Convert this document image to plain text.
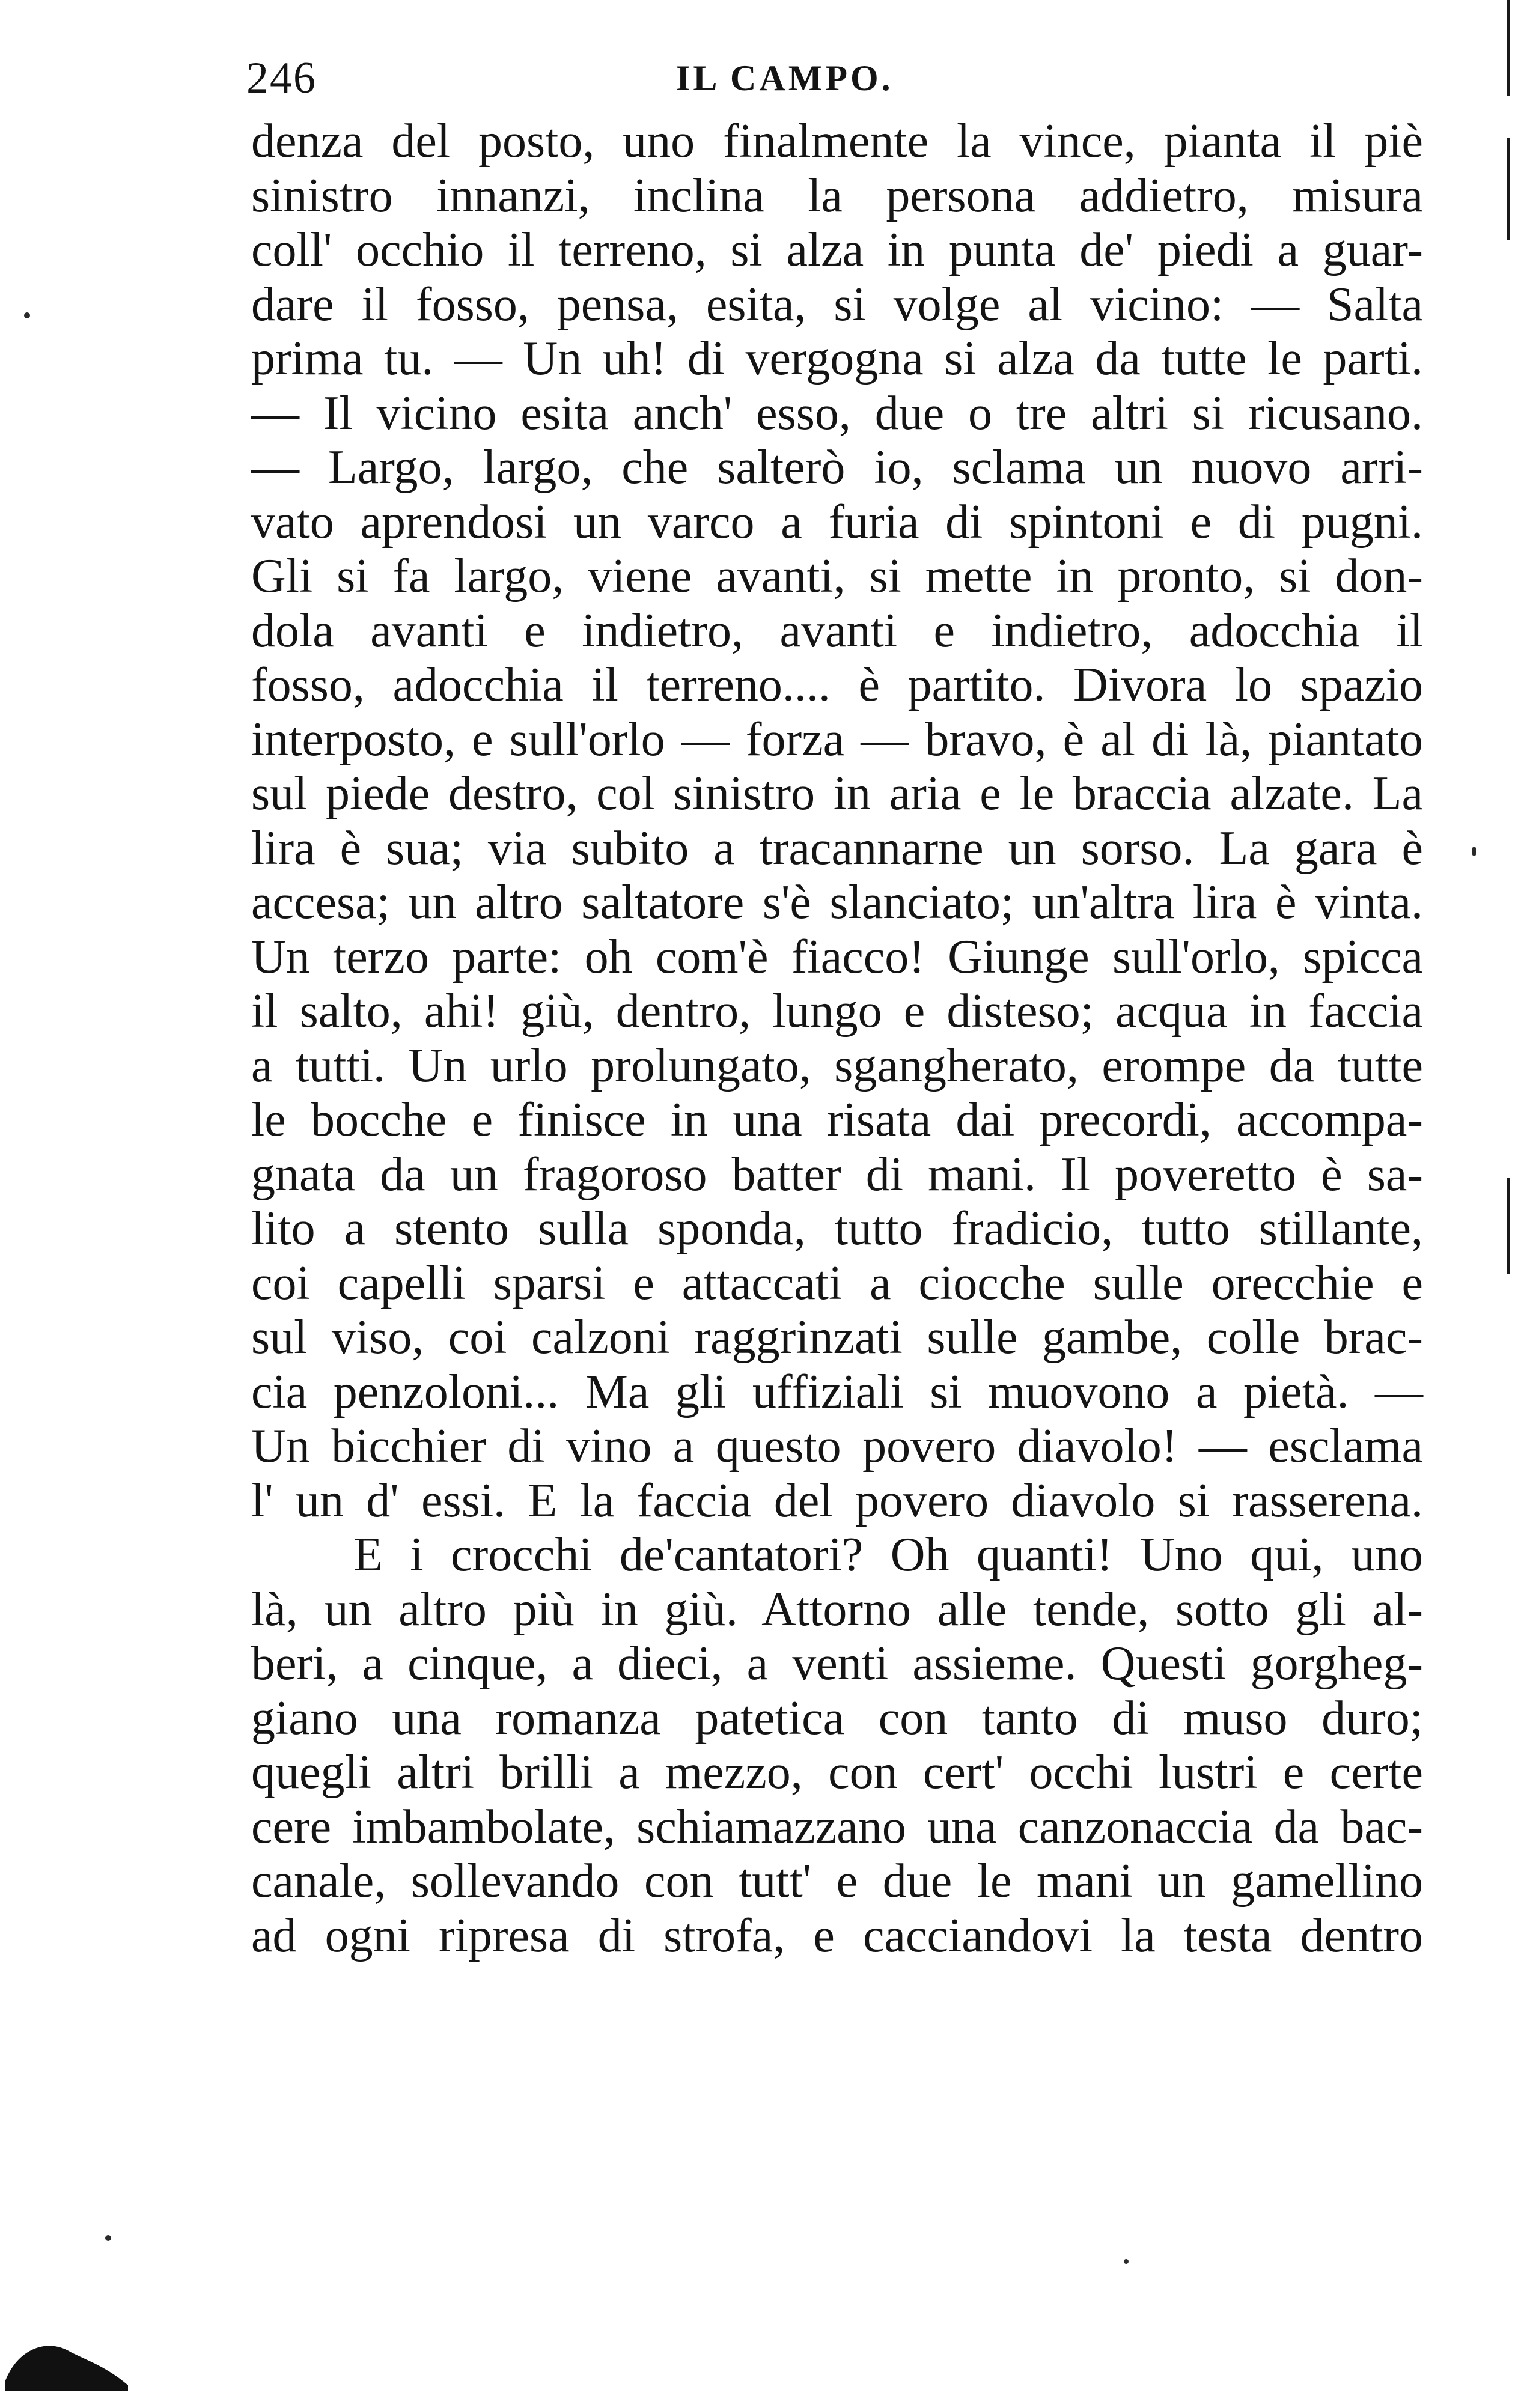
246	IL CAMPO.
denza del posto, uno finalmente la vince, pianta il piè
sinistro innanzi, inclina la persona addietro, misura
coll' occhio il terreno, si alza in punta de' piedi a guar-
dare il fosso, pensa, esita, si volge al vicino: — Salta
prima tu. — Un uh! di vergogna si alza da tutte le parti.
— Il vicino esita anch' esso, due o tre altri si ricusano.
— Largo, largo, che salterò io, sclama un nuovo arri-
vato aprendosi un varco a furia di spintoni e di pugni.
Gli si fa largo, viene avanti, si mette in pronto, si don-
dola avanti e indietro, avanti e indietro, adocchia il
fosso, adocchia il terreno.... è partito. Divora lo spazio
interposto, e sull'orlo — forza — bravo, è al di là, piantato
sul piede destro, col sinistro in aria e le braccia alzate. La
lira è sua; via subito a tracannarne un sorso. La gara è
accesa; un altro saltatore s'è slanciato; un'altra lira è vinta.
Un terzo parte: oh com'è fiacco! Giunge sull'orlo, spicca
il salto, ahi! giù, dentro, lungo e disteso; acqua in faccia
a tutti. Un urlo prolungato, sgangherato, erompe da tutte
le bocche e finisce in una risata dai precordi, accompa-
gnata da un fragoroso batter di mani. Il poveretto è sa-
lito a stento sulla sponda, tutto fradicio, tutto stillante,
coi capelli sparsi e attaccati a ciocche sulle orecchie e
sul viso, coi calzoni raggrinzati sulle gambe, colle brac-
cia penzoloni... Ma gli uffiziali si muovono a pietà. —
Un bicchier di vino a questo povero diavolo! — esclama
l' un d' essi. E la faccia del povero diavolo si rasserena.
E i crocchi de'cantatori? Oh quanti! Uno qui, uno
là, un altro più in giù. Attorno alle tende, sotto gli al-
beri, a cinque, a dieci, a venti assieme. Questi gorgheg-
giano una romanza patetica con tanto di muso duro;
quegli altri brilli a mezzo, con cert' occhi lustri e certe
cere imbambolate, schiamazzano una canzonaccia da bac-
canale, sollevando con tutt' e due le mani un gamellino
ad ogni ripresa di strofa, e cacciandovi la testa dentro
